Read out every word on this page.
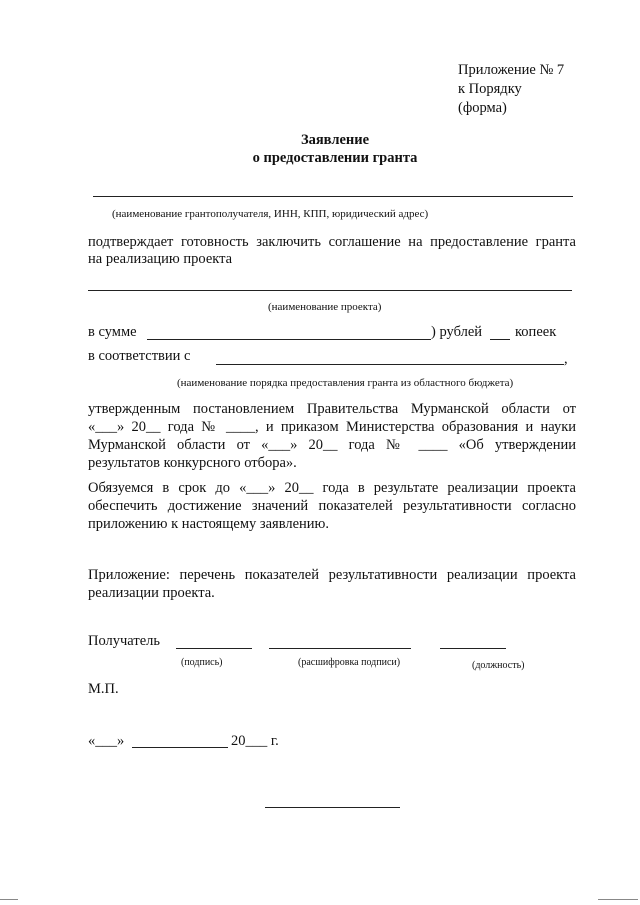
Приложение № 7
к Порядку
(форма)
Заявление
о предоставлении гранта
(наименование грантополучателя, ИНН, КПП, юридический адрес)
подтверждает готовность заключить соглашение на предоставление гранта
на реализацию проекта
(наименование проекта)
в сумме	) рублей копеек
в соответствии с	,
(наименование порядка предоставления гранта из областного бюджета)
утвержденным постановлением Правительства Мурманской области от
«___» 20__ года № ____, и приказом Министерства образования и науки
Мурманской области от «___» 20__ года № ____ «Об утверждении
результатов конкурсного отбора».
Обязуемся в срок до «___» 20__ года в результате реализации проекта
обеспечить достижение значений показателей результативности согласно
приложению к настоящему заявлению.
Приложение: перечень показателей результативности реализации проекта
реализации проекта.
Получатель
(подпись)	(расшифровка подписи)	(должность)
М.П.
«___»	20___ г.
